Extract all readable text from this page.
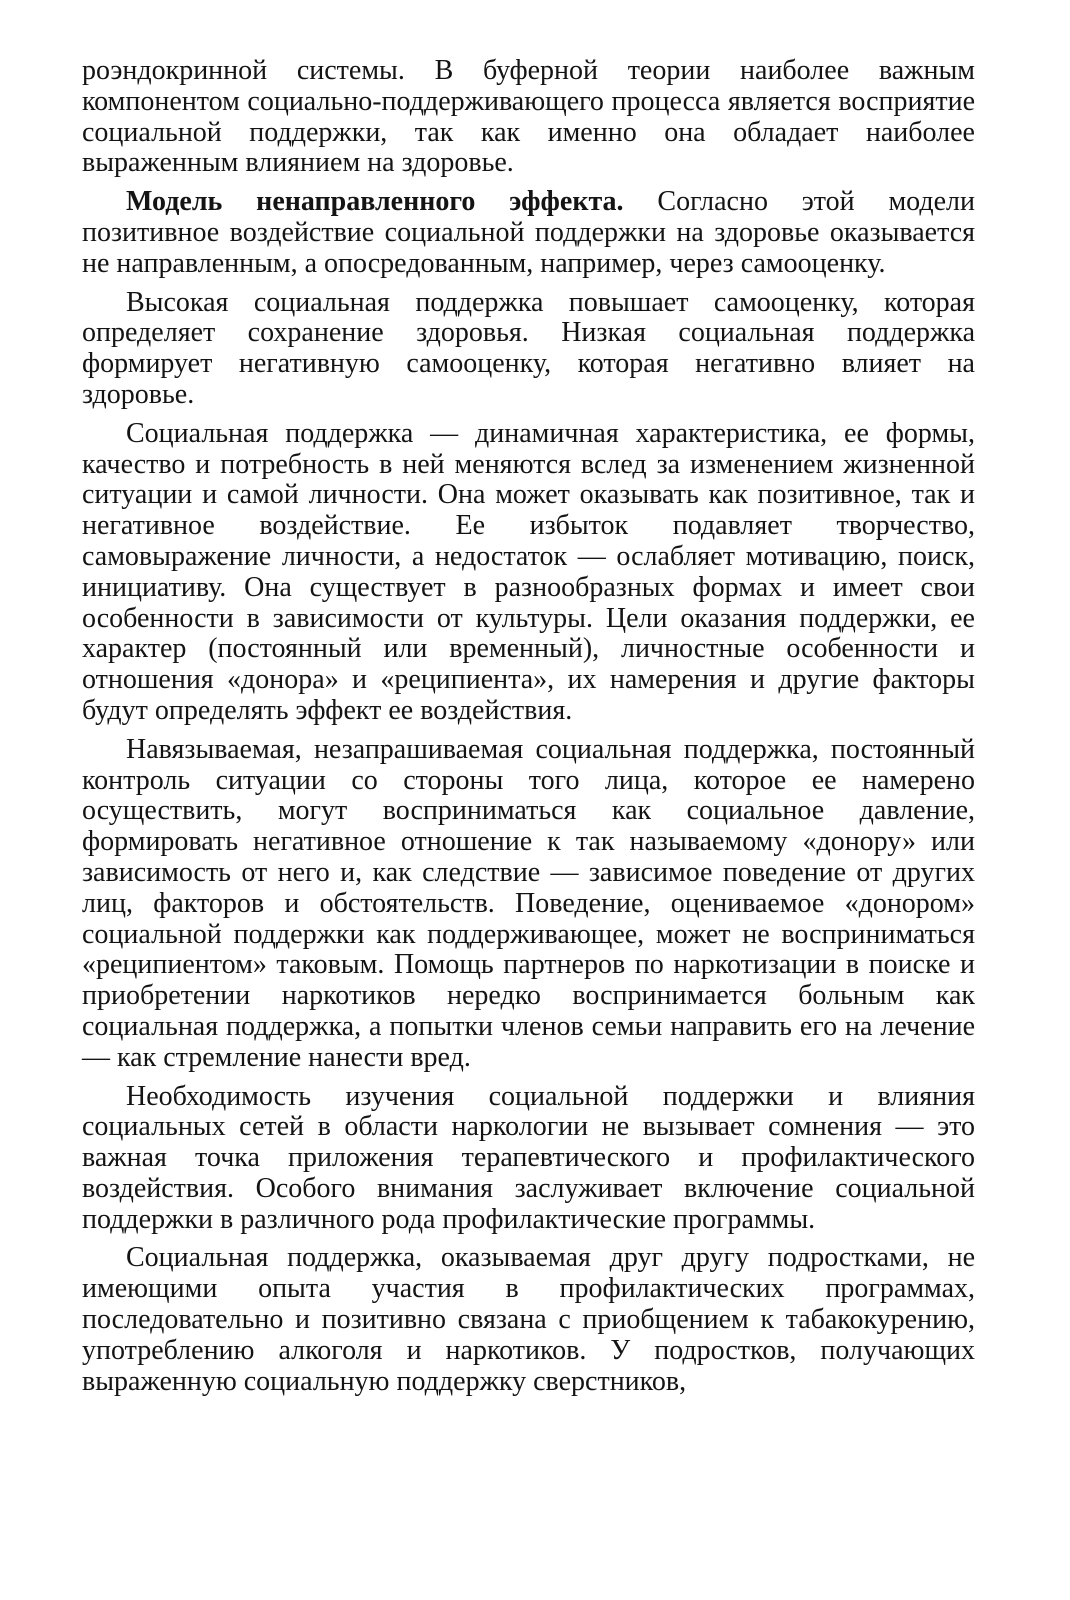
роэндокринной системы. В буферной теории наиболее важным компонентом социально-поддерживающего процесса является восприятие социальной поддержки, так как именно она обладает наиболее выраженным влиянием на здоровье.

Модель ненаправленного эффекта. Согласно этой модели позитивное воздействие социальной поддержки на здоровье оказывается не направленным, а опосредованным, например, через самооценку.

Высокая социальная поддержка повышает самооценку, которая определяет сохранение здоровья. Низкая социальная поддержка формирует негативную самооценку, которая негативно влияет на здоровье.

Социальная поддержка — динамичная характеристика, ее формы, качество и потребность в ней меняются вслед за изменением жизненной ситуации и самой личности. Она может оказывать как позитивное, так и негативное воздействие. Ее избыток подавляет творчество, самовыражение личности, а недостаток — ослабляет мотивацию, поиск, инициативу. Она существует в разнообразных формах и имеет свои особенности в зависимости от культуры. Цели оказания поддержки, ее характер (постоянный или временный), личностные особенности и отношения «донора» и «реципиента», их намерения и другие факторы будут определять эффект ее воздействия.

Навязываемая, незапрашиваемая социальная поддержка, постоянный контроль ситуации со стороны того лица, которое ее намерено осуществить, могут восприниматься как социальное давление, формировать негативное отношение к так называемому «донору» или зависимость от него и, как следствие — зависимое поведение от других лиц, факторов и обстоятельств. Поведение, оцениваемое «донором» социальной поддержки как поддерживающее, может не восприниматься «реципиентом» таковым. Помощь партнеров по наркотизации в поиске и приобретении наркотиков нередко воспринимается больным как социальная поддержка, а попытки членов семьи направить его на лечение — как стремление нанести вред.

Необходимость изучения социальной поддержки и влияния социальных сетей в области наркологии не вызывает сомнения — это важная точка приложения терапевтического и профилактического воздействия. Особого внимания заслуживает включение социальной поддержки в различного рода профилактические программы.

Социальная поддержка, оказываемая друг другу подростками, не имеющими опыта участия в профилактических программах, последовательно и позитивно связана с приобщением к табакокурению, употреблению алкоголя и наркотиков. У подростков, получающих выраженную социальную поддержку сверстников,
